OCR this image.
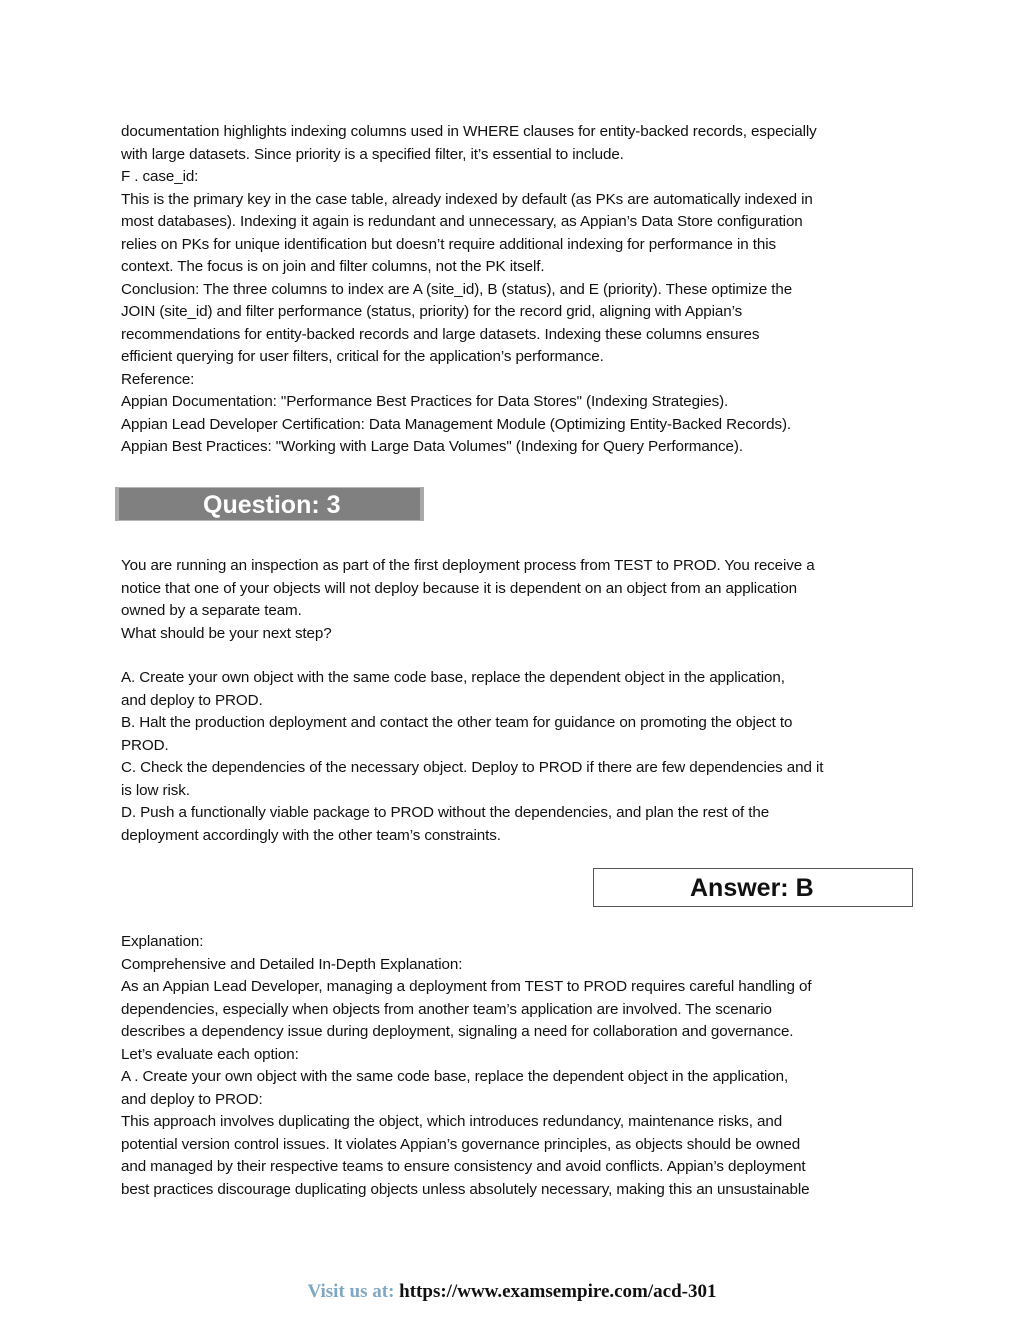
documentation highlights indexing columns used in WHERE clauses for entity-backed records, especially

with large datasets. Since priority is a specified filter, it’s essential to include.

F . case_id:

This is the primary key in the case table, already indexed by default (as PKs are automatically indexed in

most databases). Indexing it again is redundant and unnecessary, as Appian’s Data Store configuration

relies on PKs for unique identification but doesn’t require additional indexing for performance in this

context. The focus is on join and filter columns, not the PK itself.

Conclusion: The three columns to index are A (site_id), B (status), and E (priority). These optimize the

JOIN (site_id) and filter performance (status, priority) for the record grid, aligning with Appian’s

recommendations for entity-backed records and large datasets. Indexing these columns ensures

efficient querying for user filters, critical for the application’s performance.

Reference:

Appian Documentation: "Performance Best Practices for Data Stores" (Indexing Strategies).

Appian Lead Developer Certification: Data Management Module (Optimizing Entity-Backed Records).

Appian Best Practices: "Working with Large Data Volumes" (Indexing for Query Performance).

Question: 3

You are running an inspection as part of the first deployment process from TEST to PROD. You receive a

notice that one of your objects will not deploy because it is dependent on an object from an application

owned by a separate team.

What should be your next step?

A. Create your own object with the same code base, replace the dependent object in the application,

and deploy to PROD.

B. Halt the production deployment and contact the other team for guidance on promoting the object to

PROD.

C. Check the dependencies of the necessary object. Deploy to PROD if there are few dependencies and it

is low risk.

D. Push a functionally viable package to PROD without the dependencies, and plan the rest of the

deployment accordingly with the other team’s constraints.

Answer: B

Explanation:

Comprehensive and Detailed In-Depth Explanation:

As an Appian Lead Developer, managing a deployment from TEST to PROD requires careful handling of

dependencies, especially when objects from another team’s application are involved. The scenario

describes a dependency issue during deployment, signaling a need for collaboration and governance.

Let’s evaluate each option:

A . Create your own object with the same code base, replace the dependent object in the application,

and deploy to PROD:

This approach involves duplicating the object, which introduces redundancy, maintenance risks, and

potential version control issues. It violates Appian’s governance principles, as objects should be owned

and managed by their respective teams to ensure consistency and avoid conflicts. Appian’s deployment

best practices discourage duplicating objects unless absolutely necessary, making this an unsustainable

Visit us at: https://www.examsempire.com/acd-301
